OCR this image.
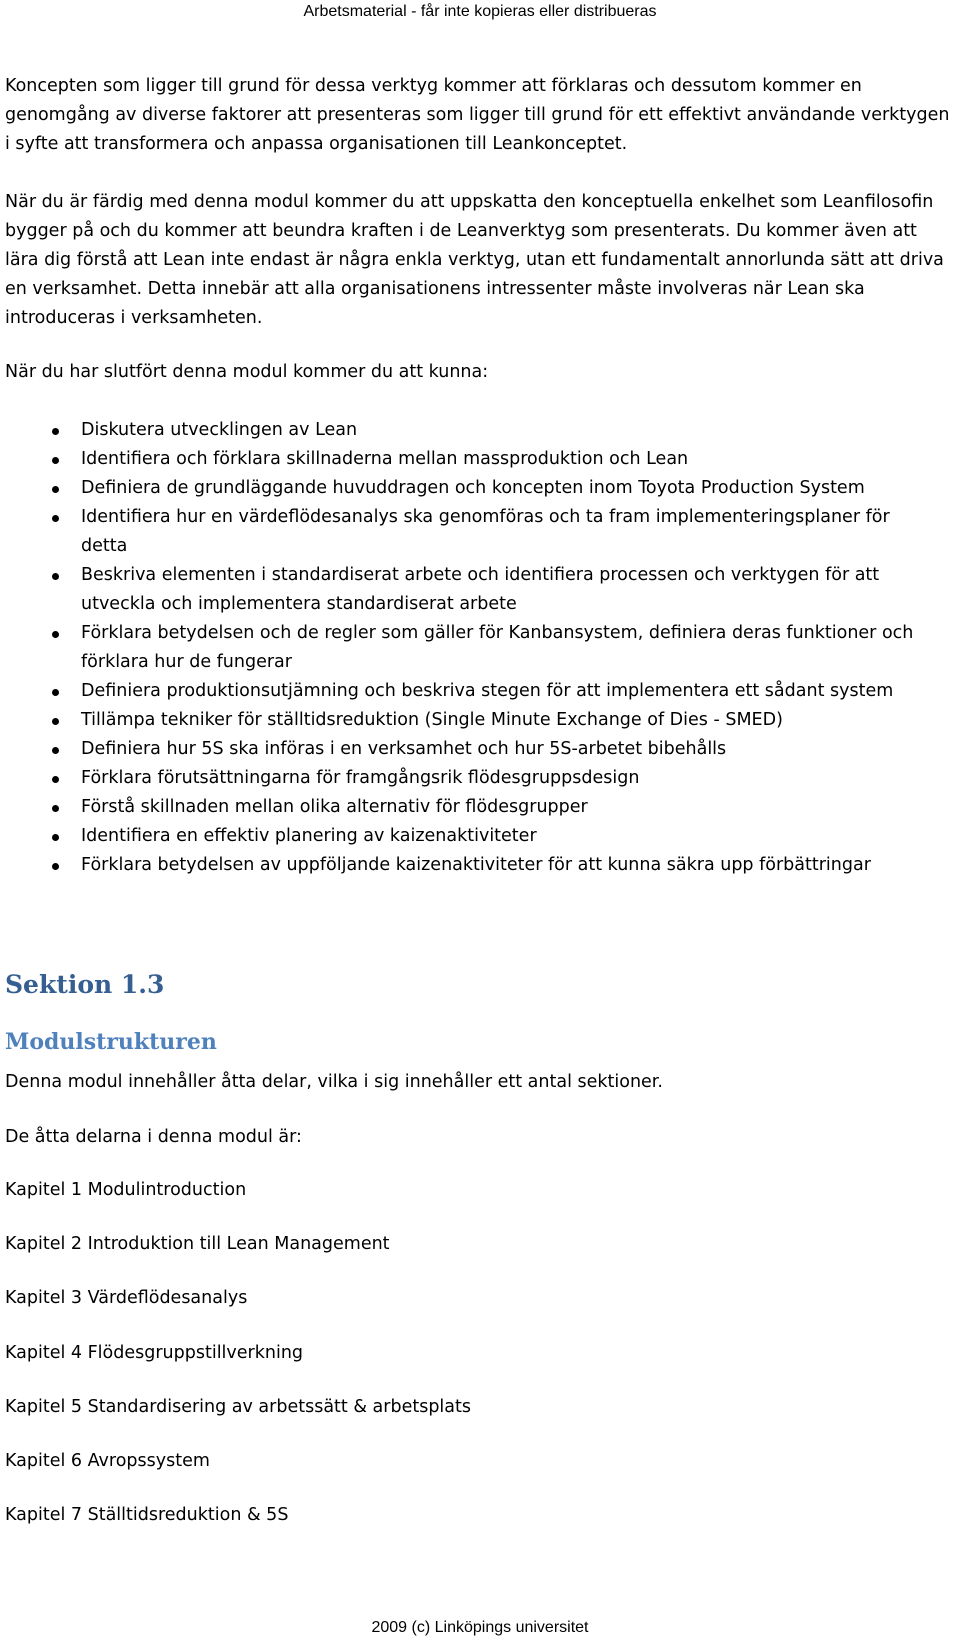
Arbetsmaterial - får inte kopieras eller distribueras

Koncepten som ligger till grund för dessa verktyg kommer att förklaras och dessutom kommer en genomgång av diverse faktorer att presenteras som ligger till grund för ett effektivt användande verktygen i syfte att transformera och anpassa organisationen till Leankonceptet.

När du är färdig med denna modul kommer du att uppskatta den konceptuella enkelhet som Leanfilosofin bygger på och du kommer att beundra kraften i de Leanverktyg som presenterats. Du kommer även att lära dig förstå att Lean inte endast är några enkla verktyg, utan ett fundamentalt annorlunda sätt att driva en verksamhet. Detta innebär att alla organisationens intressenter måste involveras när Lean ska introduceras i verksamheten.

När du har slutfört denna modul kommer du att kunna:

Diskutera utvecklingen av Lean
Identifiera och förklara skillnaderna mellan massproduktion och Lean
Definiera de grundläggande huvuddragen och koncepten inom Toyota Production System
Identifiera hur en värdeflödesanalys ska genomföras och ta fram implementeringsplaner för detta
Beskriva elementen i standardiserat arbete och identifiera processen och verktygen för att utveckla och implementera standardiserat arbete
Förklara betydelsen och de regler som gäller för Kanbansystem, definiera deras funktioner och förklara hur de fungerar
Definiera produktionsutjämning och beskriva stegen för att implementera ett sådant system
Tillämpa tekniker för ställtidsreduktion (Single Minute Exchange of Dies - SMED)
Definiera hur 5S ska införas i en verksamhet och hur 5S-arbetet bibehålls
Förklara förutsättningarna för framgångsrik flödesgruppsdesign
Förstå skillnaden mellan olika alternativ för flödesgrupper
Identifiera en effektiv planering av kaizenaktiviteter
Förklara betydelsen av uppföljande kaizenaktiviteter för att kunna säkra upp förbättringar
Sektion 1.3
Modulstrukturen

Denna modul innehåller åtta delar, vilka i sig innehåller ett antal sektioner.

De åtta delarna i denna modul är:

Kapitel 1 Modulintroduction
Kapitel 2 Introduktion till Lean Management
Kapitel 3 Värdeflödesanalys
Kapitel 4 Flödesgruppstillverkning
Kapitel 5 Standardisering av arbetssätt & arbetsplats
Kapitel 6 Avropssystem
Kapitel 7 Ställtidsreduktion & 5S
2009 (c) Linköpings universitet
